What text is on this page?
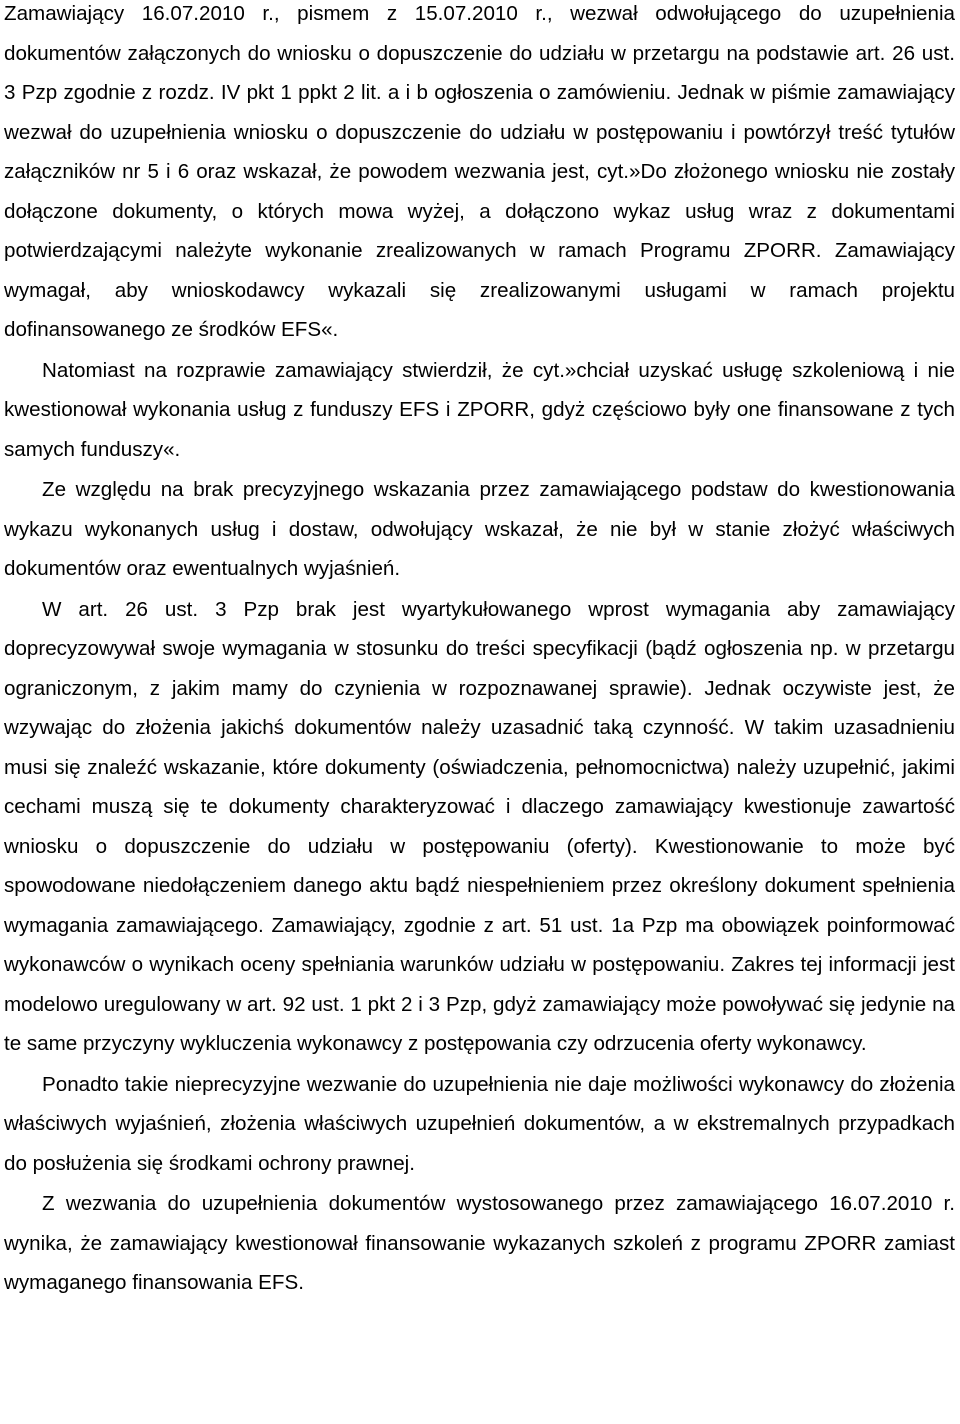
Zamawiający 16.07.2010 r., pismem z 15.07.2010 r., wezwał odwołującego do uzupełnienia dokumentów załączonych do wniosku o dopuszczenie do udziału w przetargu na podstawie art. 26 ust. 3 Pzp zgodnie z rozdz. IV pkt 1 ppkt 2 lit. a i b ogłoszenia o zamówieniu. Jednak w piśmie zamawiający wezwał do uzupełnienia wniosku o dopuszczenie do udziału w postępowaniu i powtórzył treść tytułów załączników nr 5 i 6 oraz wskazał, że powodem wezwania jest, cyt.»Do złożonego wniosku nie zostały dołączone dokumenty, o których mowa wyżej, a dołączono wykaz usług wraz z dokumentami potwierdzającymi należyte wykonanie zrealizowanych w ramach Programu ZPORR. Zamawiający wymagał, aby wnioskodawcy wykazali się zrealizowanymi usługami w ramach projektu dofinansowanego ze środków EFS«.

Natomiast na rozprawie zamawiający stwierdził, że cyt.»chciał uzyskać usługę szkoleniową i nie kwestionował wykonania usług z funduszy EFS i ZPORR, gdyż częściowo były one finansowane z tych samych funduszy«.

Ze względu na brak precyzyjnego wskazania przez zamawiającego podstaw do kwestionowania wykazu wykonanych usług i dostaw, odwołujący wskazał, że nie był w stanie złożyć właściwych dokumentów oraz ewentualnych wyjaśnień.

W art. 26 ust. 3 Pzp brak jest wyartykułowanego wprost wymagania aby zamawiający doprecyzowywał swoje wymagania w stosunku do treści specyfikacji (bądź ogłoszenia np. w przetargu ograniczonym, z jakim mamy do czynienia w rozpoznawanej sprawie). Jednak oczywiste jest, że wzywając do złożenia jakichś dokumentów należy uzasadnić taką czynność. W takim uzasadnieniu musi się znaleźć wskazanie, które dokumenty (oświadczenia, pełnomocnictwa) należy uzupełnić, jakimi cechami muszą się te dokumenty charakteryzować i dlaczego zamawiający kwestionuje zawartość wniosku o dopuszczenie do udziału w postępowaniu (oferty). Kwestionowanie to może być spowodowane niedołączeniem danego aktu bądź niespełnieniem przez określony dokument spełnienia wymagania zamawiającego. Zamawiający, zgodnie z art. 51 ust. 1a Pzp ma obowiązek poinformować wykonawców o wynikach oceny spełniania warunków udziału w postępowaniu. Zakres tej informacji jest modelowo uregulowany w art. 92 ust. 1 pkt 2 i 3 Pzp, gdyż zamawiający może powoływać się jedynie na te same przyczyny wykluczenia wykonawcy z postępowania czy odrzucenia oferty wykonawcy.

Ponadto takie nieprecyzyjne wezwanie do uzupełnienia nie daje możliwości wykonawcy do złożenia właściwych wyjaśnień, złożenia właściwych uzupełnień dokumentów, a w ekstremalnych przypadkach do posłużenia się środkami ochrony prawnej.

Z wezwania do uzupełnienia dokumentów wystosowanego przez zamawiającego 16.07.2010 r. wynika, że zamawiający kwestionował finansowanie wykazanych szkoleń z programu ZPORR zamiast wymaganego finansowania EFS.
